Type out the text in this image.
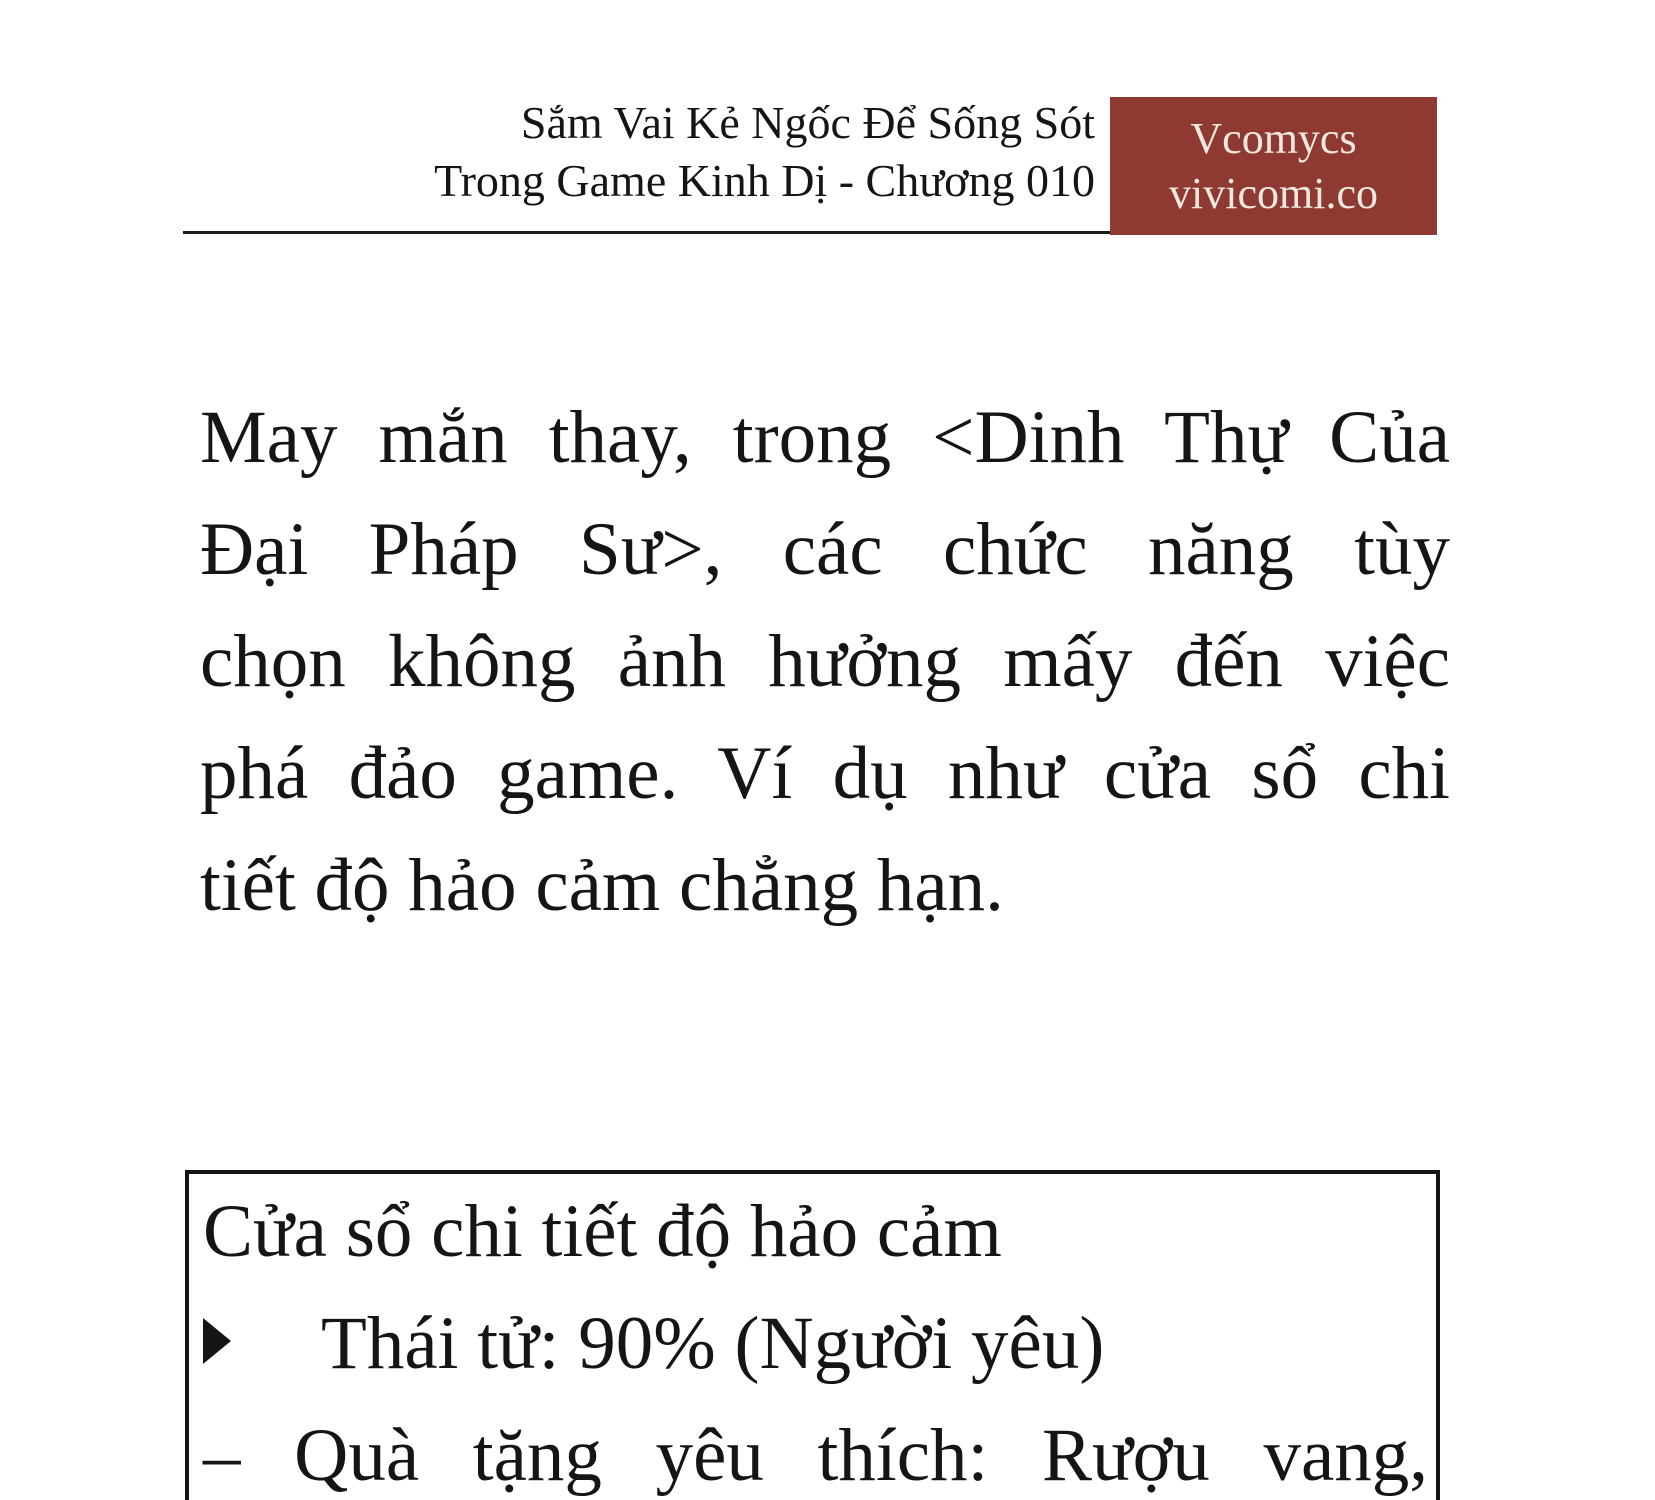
Sắm Vai Kẻ Ngốc Để Sống Sót
Trong Game Kinh Dị - Chương 010
Vcomycs
vivicomi.co
May mắn thay, trong <Dinh Thự Của
Đại Pháp Sư>, các chức năng tùy
chọn không ảnh hưởng mấy đến việc
phá đảo game. Ví dụ như cửa sổ chi
tiết độ hảo cảm chẳng hạn.
Cửa sổ chi tiết độ hảo cảm
Thái tử: 90% (Người yêu)
– Quà tặng yêu thích: Rượu vang,
